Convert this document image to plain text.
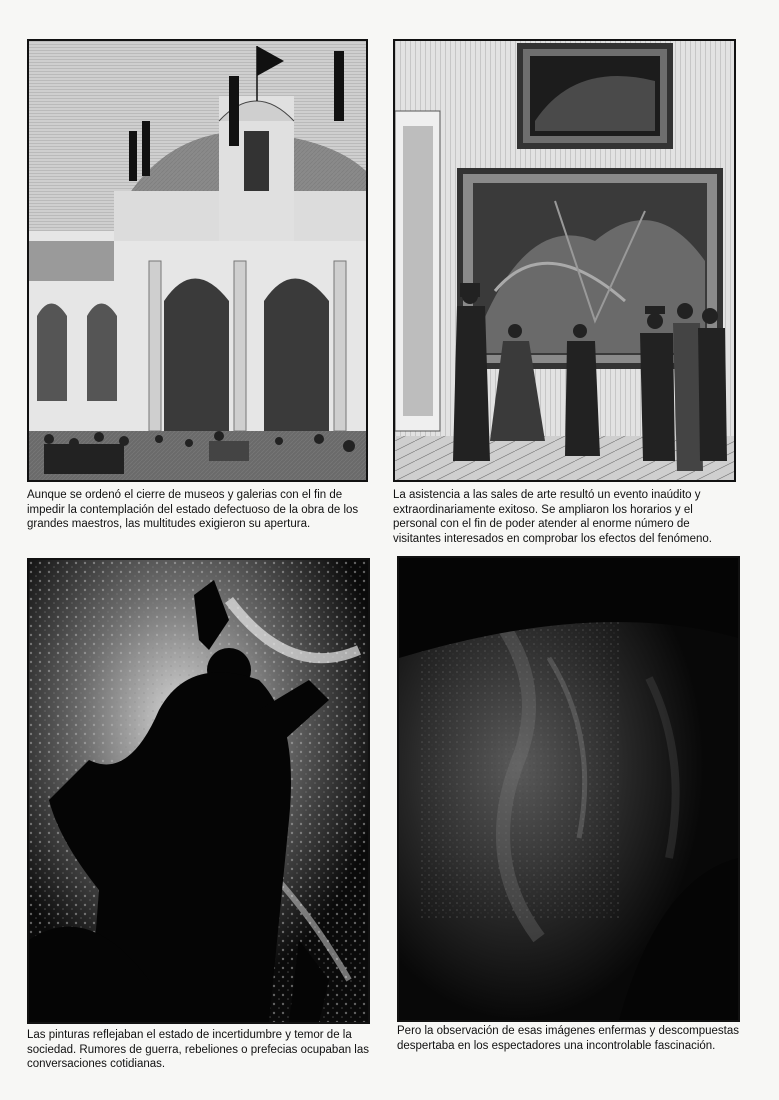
Aunque se ordenó el cierre de museos y galerias con el fin de impedir la contemplación del estado defectuoso de la obra de los grandes maestros, las multitudes exigieron su apertura.

La asistencia a las sales de arte resultó un evento inaúdito y extraordinariamente exitoso. Se ampliaron los horarios y el personal con el fin de poder atender al enorme número de visitantes interesados en comprobar los efectos del fenómeno.

Las pinturas reflejaban el estado de incertidumbre y temor de la sociedad. Rumores de guerra, rebeliones o prefecias ocupaban las conversaciones cotidianas.

Pero la observación de esas imágenes enfermas y descompuestas despertaba en los espectadores una incontrolable fascinación.
